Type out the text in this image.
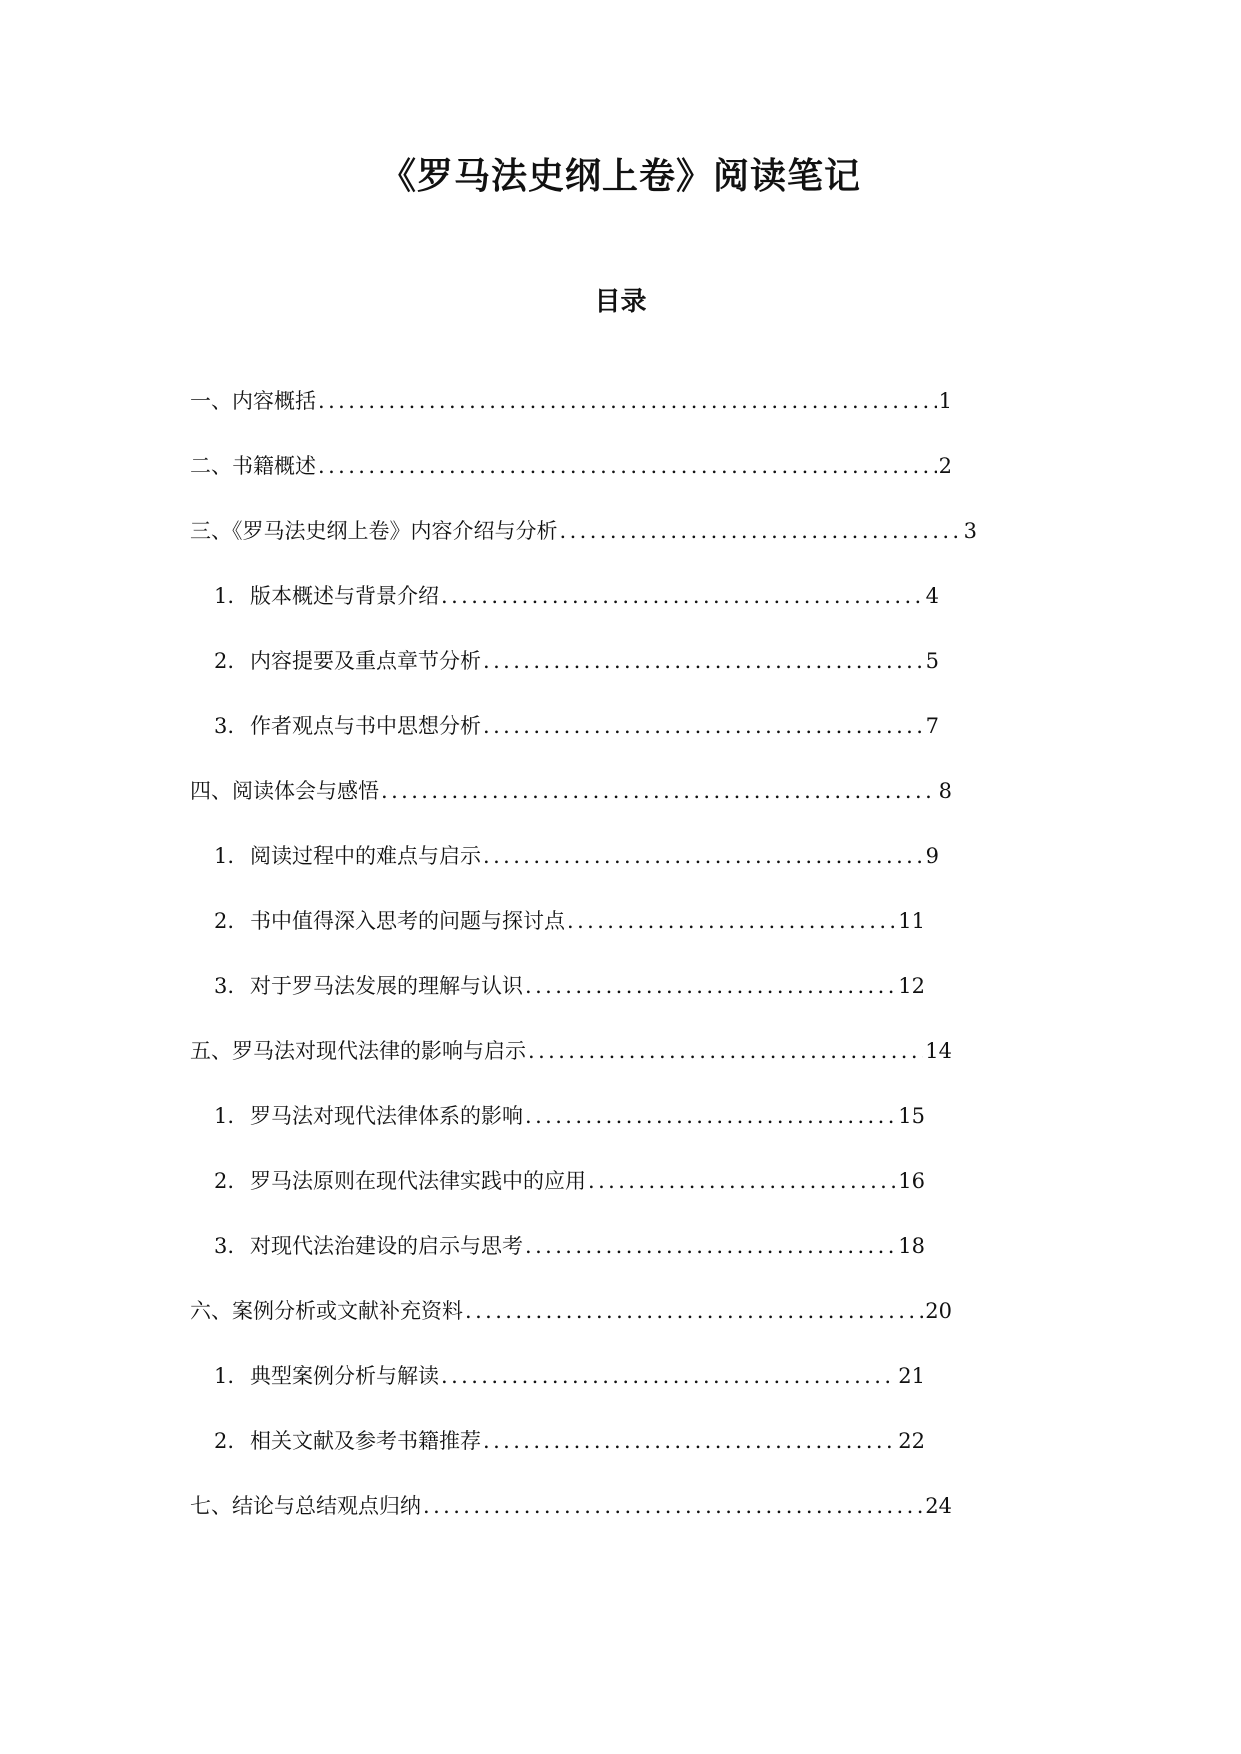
《罗马法史纲上卷》阅读笔记
目录
一、内容概括 .....	1
二、书籍概述 .....	2
三、《罗马法史纲上卷》内容介绍与分析 .....	3
1. 版本概述与背景介绍 .....	4
2. 内容提要及重点章节分析 .....	5
3. 作者观点与书中思想分析 .....	7
四、阅读体会与感悟 .....	8
1. 阅读过程中的难点与启示 .....	9
2. 书中值得深入思考的问题与探讨点 .....	11
3. 对于罗马法发展的理解与认识 .....	12
五、罗马法对现代法律的影响与启示 .....	14
1. 罗马法对现代法律体系的影响 .....	15
2. 罗马法原则在现代法律实践中的应用 .....	16
3. 对现代法治建设的启示与思考 .....	18
六、案例分析或文献补充资料 .....	20
1. 典型案例分析与解读 .....	21
2. 相关文献及参考书籍推荐 .....	22
七、结论与总结观点归纳 .....	24
